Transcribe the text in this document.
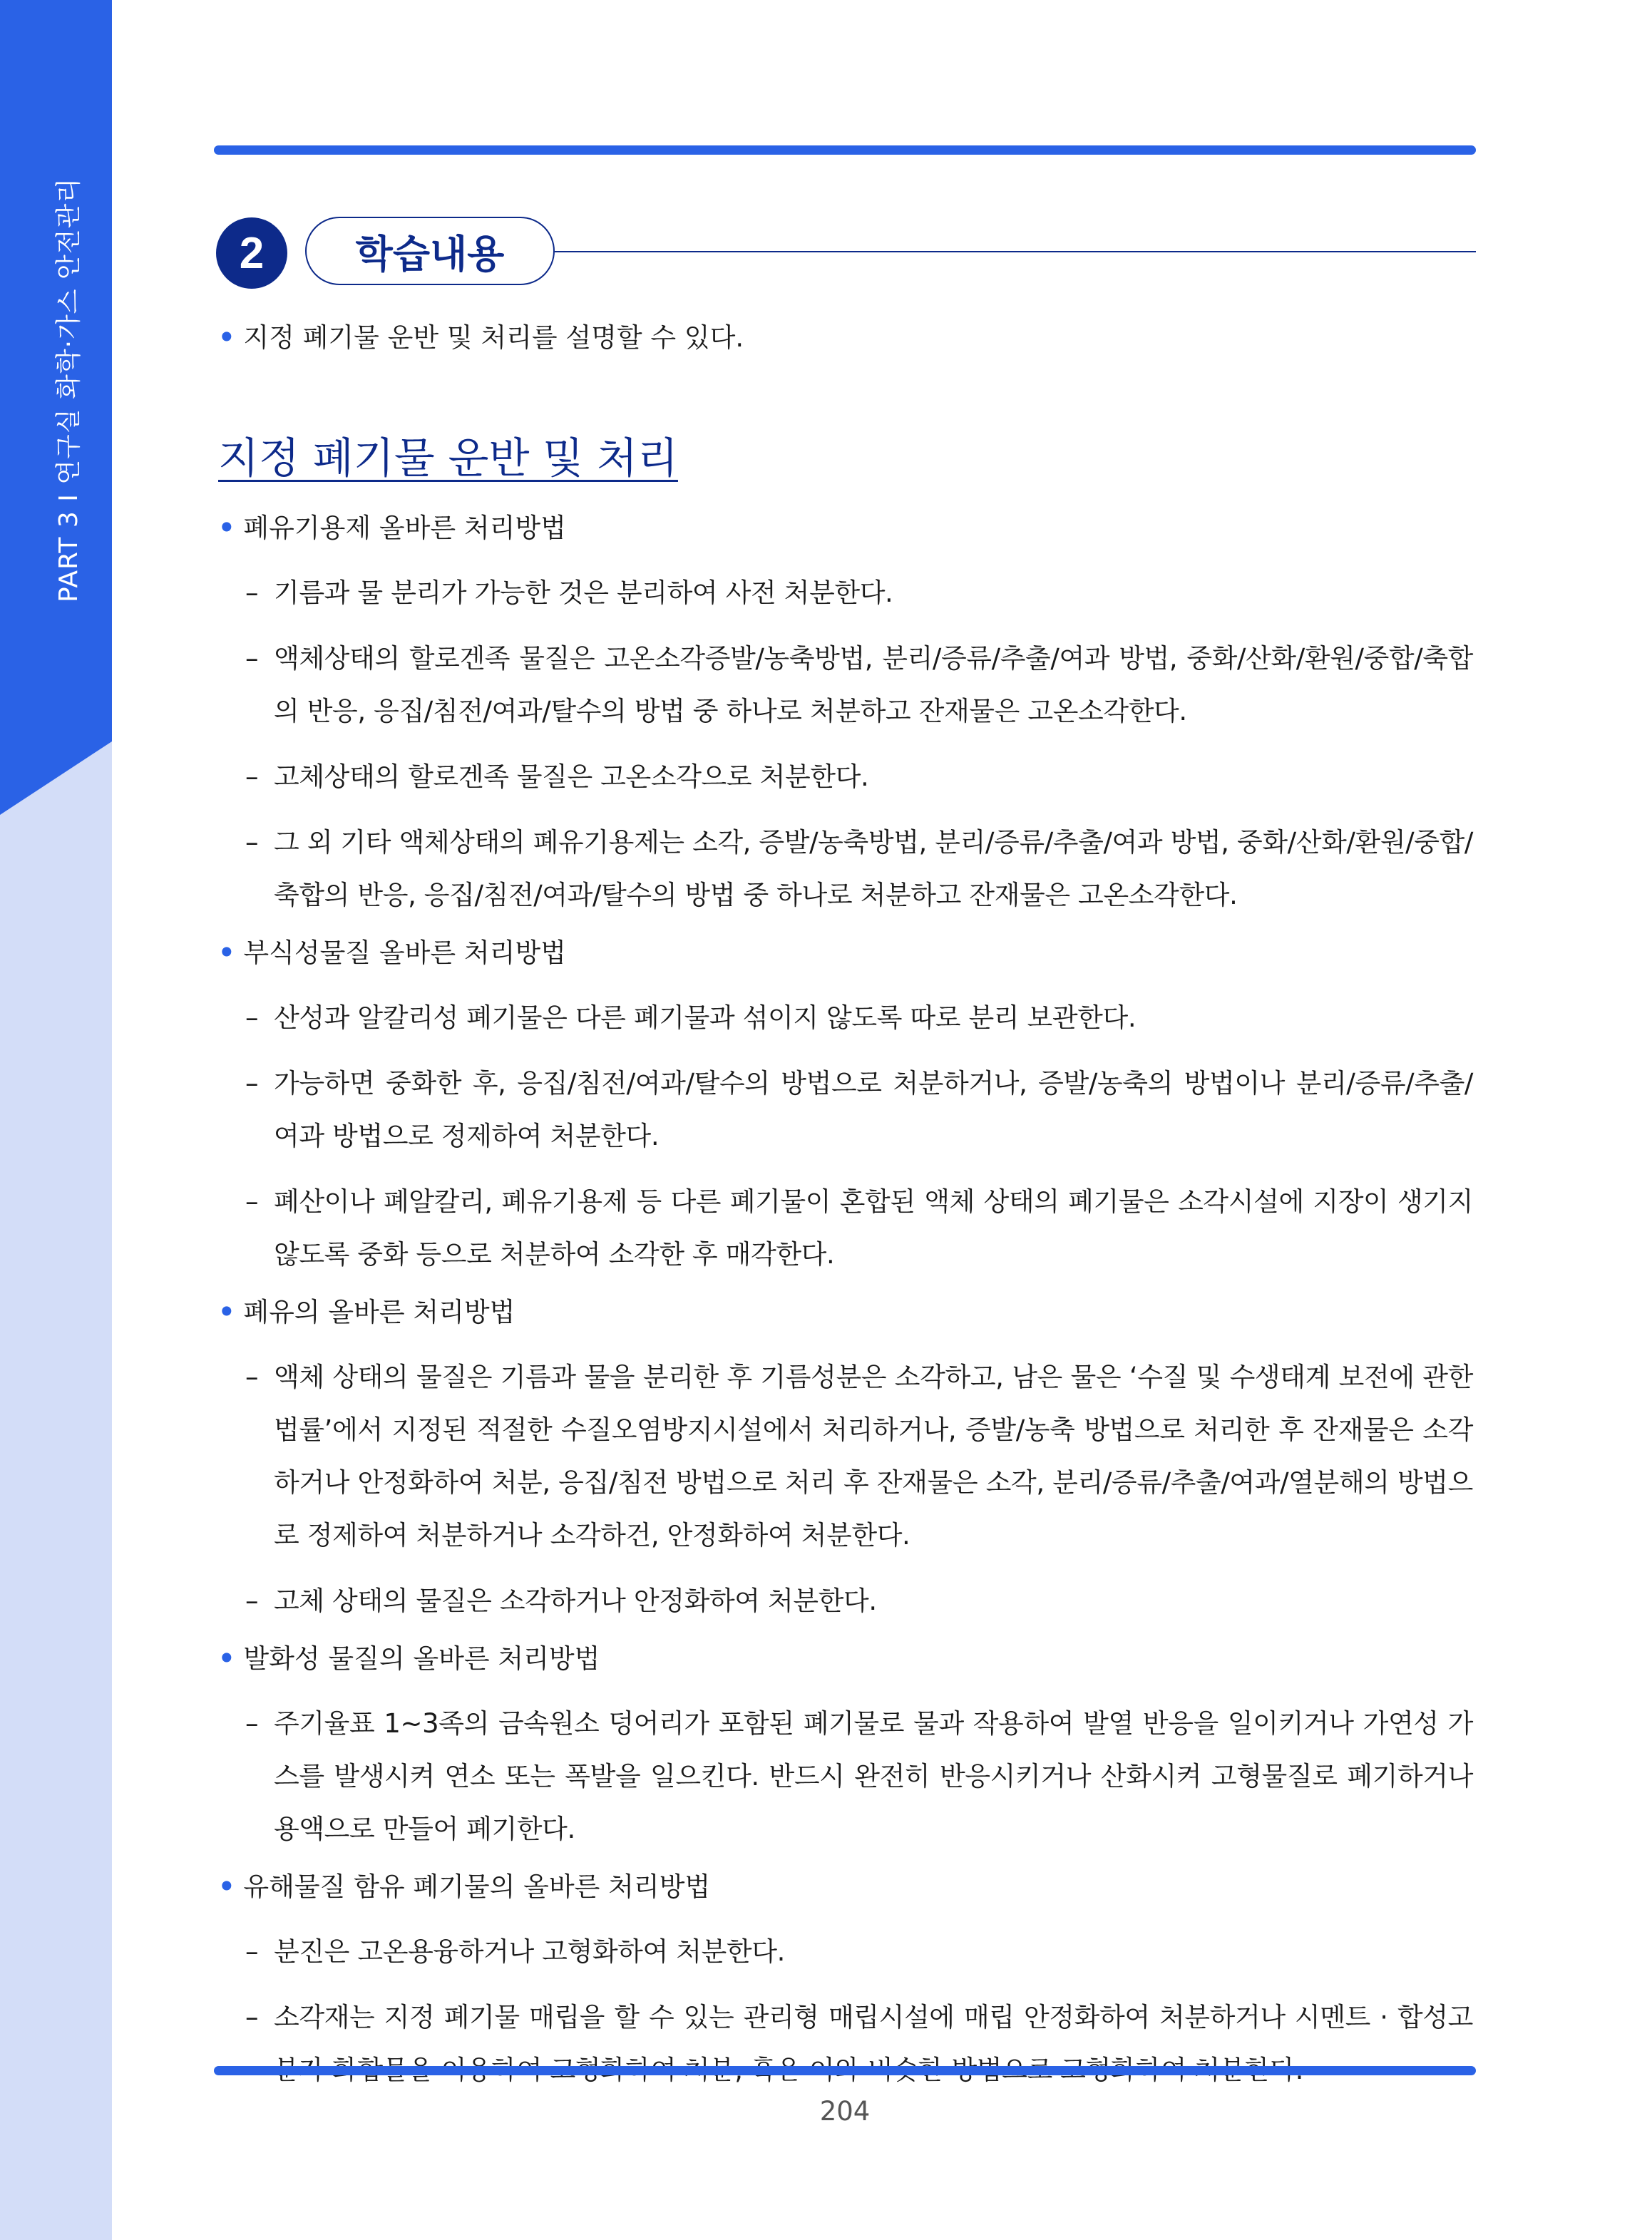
PART 3 I 연구실 화학·가스 안전관리	2	학습내용
• 지정 폐기물 운반 및 처리를 설명할 수 있다.
지정 폐기물 운반 및 처리
• 폐유기용제 올바른 처리방법
– 기름과 물 분리가 가능한 것은 분리하여 사전 처분한다.
– 액체상태의 할로겐족 물질은 고온소각증발/농축방법, 분리/증류/추출/여과 방법, 중화/산화/환원/중합/축합의 반응, 응집/침전/여과/탈수의 방법 중 하나로 처분하고 잔재물은 고온소각한다.
– 고체상태의 할로겐족 물질은 고온소각으로 처분한다.
– 그 외 기타 액체상태의 폐유기용제는 소각, 증발/농축방법, 분리/증류/추출/여과 방법, 중화/산화/환원/중합/축합의 반응, 응집/침전/여과/탈수의 방법 중 하나로 처분하고 잔재물은 고온소각한다.
• 부식성물질 올바른 처리방법
– 산성과 알칼리성 폐기물은 다른 폐기물과 섞이지 않도록 따로 분리 보관한다.
– 가능하면 중화한 후, 응집/침전/여과/탈수의 방법으로 처분하거나, 증발/농축의 방법이나 분리/증류/추출/여과 방법으로 정제하여 처분한다.
– 폐산이나 폐알칼리, 폐유기용제 등 다른 폐기물이 혼합된 액체 상태의 폐기물은 소각시설에 지장이 생기지 않도록 중화 등으로 처분하여 소각한 후 매각한다.
• 폐유의 올바른 처리방법
– 액체 상태의 물질은 기름과 물을 분리한 후 기름성분은 소각하고, 남은 물은 ‘수질 및 수생태계 보전에 관한 법률’에서 지정된 적절한 수질오염방지시설에서 처리하거나, 증발/농축 방법으로 처리한 후 잔재물은 소각하거나 안정화하여 처분, 응집/침전 방법으로 처리 후 잔재물은 소각, 분리/증류/추출/여과/열분해의 방법으로 정제하여 처분하거나 소각하건, 안정화하여 처분한다.
– 고체 상태의 물질은 소각하거나 안정화하여 처분한다.
• 발화성 물질의 올바른 처리방법
– 주기율표 1~3족의 금속원소 덩어리가 포함된 폐기물로 물과 작용하여 발열 반응을 일이키거나 가연성 가스를 발생시켜 연소 또는 폭발을 일으킨다. 반드시 완전히 반응시키거나 산화시켜 고형물질로 폐기하거나 용액으로 만들어 폐기한다.
• 유해물질 함유 폐기물의 올바른 처리방법
– 분진은 고온용융하거나 고형화하여 처분한다.
– 소각재는 지정 폐기물 매립을 할 수 있는 관리형 매립시설에 매립 안정화하여 처분하거나 시멘트 · 합성고
204
